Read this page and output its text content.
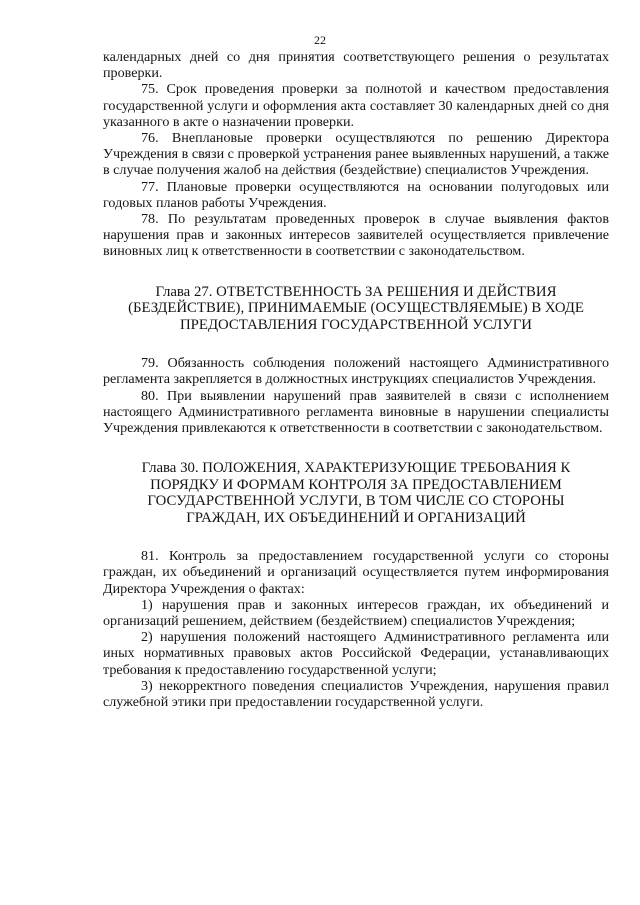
22

календарных дней со дня принятия соответствующего решения о результатах проверки.

75. Срок проведения проверки за полнотой и качеством предоставления государственной услуги и оформления акта составляет 30 календарных дней со дня указанного в акте о назначении проверки.

76. Внеплановые проверки осуществляются по решению Директора Учреждения в связи с проверкой устранения ранее выявленных нарушений, а также в случае получения жалоб на действия (бездействие) специалистов Учреждения.

77. Плановые проверки осуществляются на основании полугодовых или годовых планов работы Учреждения.

78. По результатам проведенных проверок в случае выявления фактов нарушения прав и законных интересов заявителей осуществляется привлечение виновных лиц к ответственности в соответствии с законодательством.

Глава 27. ОТВЕТСТВЕННОСТЬ ЗА РЕШЕНИЯ И ДЕЙСТВИЯ
(БЕЗДЕЙСТВИЕ), ПРИНИМАЕМЫЕ (ОСУЩЕСТВЛЯЕМЫЕ) В ХОДЕ
ПРЕДОСТАВЛЕНИЯ ГОСУДАРСТВЕННОЙ УСЛУГИ

79. Обязанность соблюдения положений настоящего Административного регламента закрепляется в должностных инструкциях специалистов Учреждения.

80. При выявлении нарушений прав заявителей в связи с исполнением настоящего Административного регламента виновные в нарушении специалисты Учреждения привлекаются к ответственности в соответствии с законодательством.

Глава 30. ПОЛОЖЕНИЯ, ХАРАКТЕРИЗУЮЩИЕ ТРЕБОВАНИЯ К
ПОРЯДКУ И ФОРМАМ КОНТРОЛЯ ЗА ПРЕДОСТАВЛЕНИЕМ
ГОСУДАРСТВЕННОЙ УСЛУГИ, В ТОМ ЧИСЛЕ СО СТОРОНЫ
ГРАЖДАН, ИХ ОБЪЕДИНЕНИЙ И ОРГАНИЗАЦИЙ

81. Контроль за предоставлением государственной услуги со стороны граждан, их объединений и организаций осуществляется путем информирования Директора Учреждения о фактах:

1) нарушения прав и законных интересов граждан, их объединений и организаций решением, действием (бездействием) специалистов Учреждения;

2) нарушения положений настоящего Административного регламента или иных нормативных правовых актов Российской Федерации, устанавливающих требования к предоставлению государственной услуги;

3) некорректного поведения специалистов Учреждения, нарушения правил служебной этики при предоставлении государственной услуги.
